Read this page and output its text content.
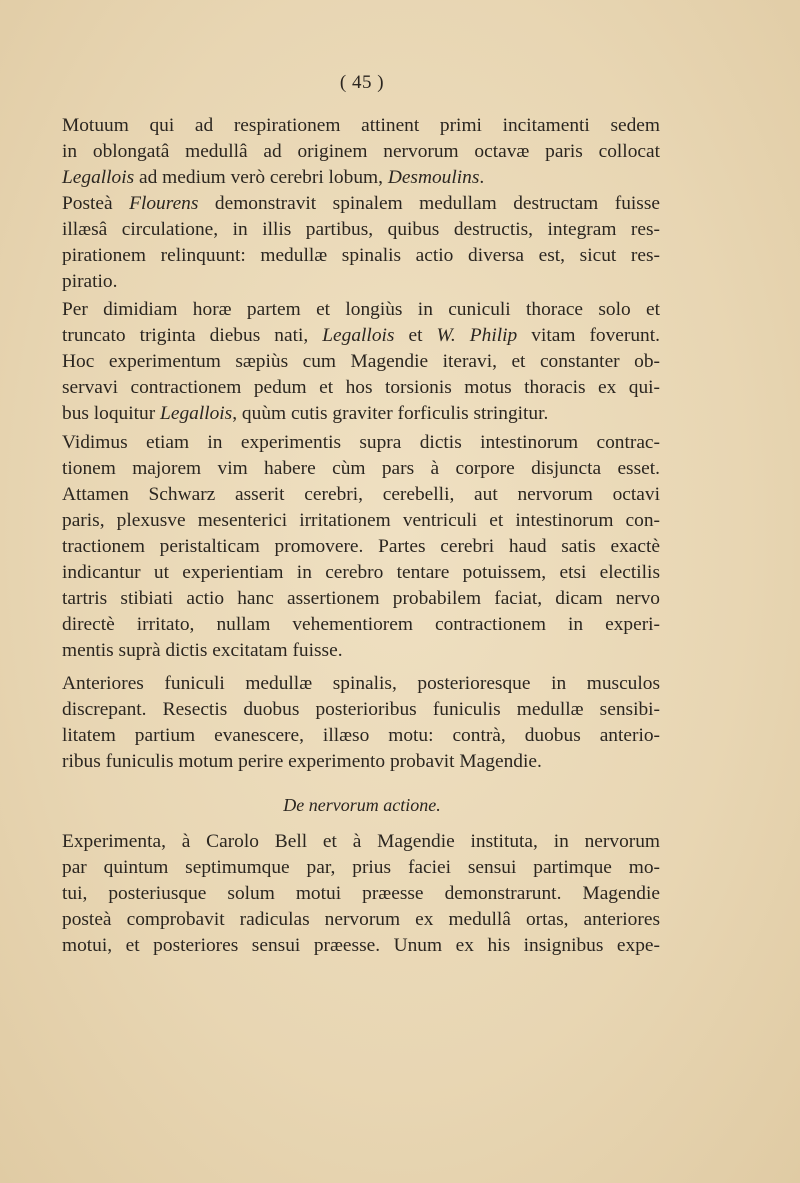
( 45 )
Motuum qui ad respirationem attinent primi incitamenti sedem
in oblongatâ medullâ ad originem nervorum octavæ paris collocat
Legallois ad medium verò cerebri lobum, Desmoulins.
Posteà Flourens demonstravit spinalem medullam destructam fuisse
illæsâ circulatione, in illis partibus, quibus destructis, integram res-
pirationem relinquunt: medullæ spinalis actio diversa est, sicut res-
piratio.
Per dimidiam horæ partem et longiùs in cuniculi thorace solo et
truncato triginta diebus nati, Legallois et W. Philip vitam foverunt.
Hoc experimentum sæpiùs cum Magendie iteravi, et constanter ob-
servavi contractionem pedum et hos torsionis motus thoracis ex qui-
bus loquitur Legallois, quùm cutis graviter forficulis stringitur.
Vidimus etiam in experimentis supra dictis intestinorum contrac-
tionem majorem vim habere cùm pars à corpore disjuncta esset.
Attamen Schwarz asserit cerebri, cerebelli, aut nervorum octavi
paris, plexusve mesenterici irritationem ventriculi et intestinorum con-
tractionem peristalticam promovere. Partes cerebri haud satis exactè
indicantur ut experientiam in cerebro tentare potuissem, etsi electilis
tartris stibiati actio hanc assertionem probabilem faciat, dicam nervo
directè irritato, nullam vehementiorem contractionem in experi-
mentis suprà dictis excitatam fuisse.
Anteriores funiculi medullæ spinalis, posterioresque in musculos
discrepant. Resectis duobus posterioribus funiculis medullæ sensibi-
litatem partium evanescere, illæso motu: contrà, duobus anterio-
ribus funiculis motum perire experimento probavit Magendie.
De nervorum actione.
Experimenta, à Carolo Bell et à Magendie instituta, in nervorum
par quintum septimumque par, prius faciei sensui partimque mo-
tui, posteriusque solum motui præesse demonstrarunt. Magendie
posteà comprobavit radiculas nervorum ex medullâ ortas, anteriores
motui, et posteriores sensui præesse. Unum ex his insignibus expe-
